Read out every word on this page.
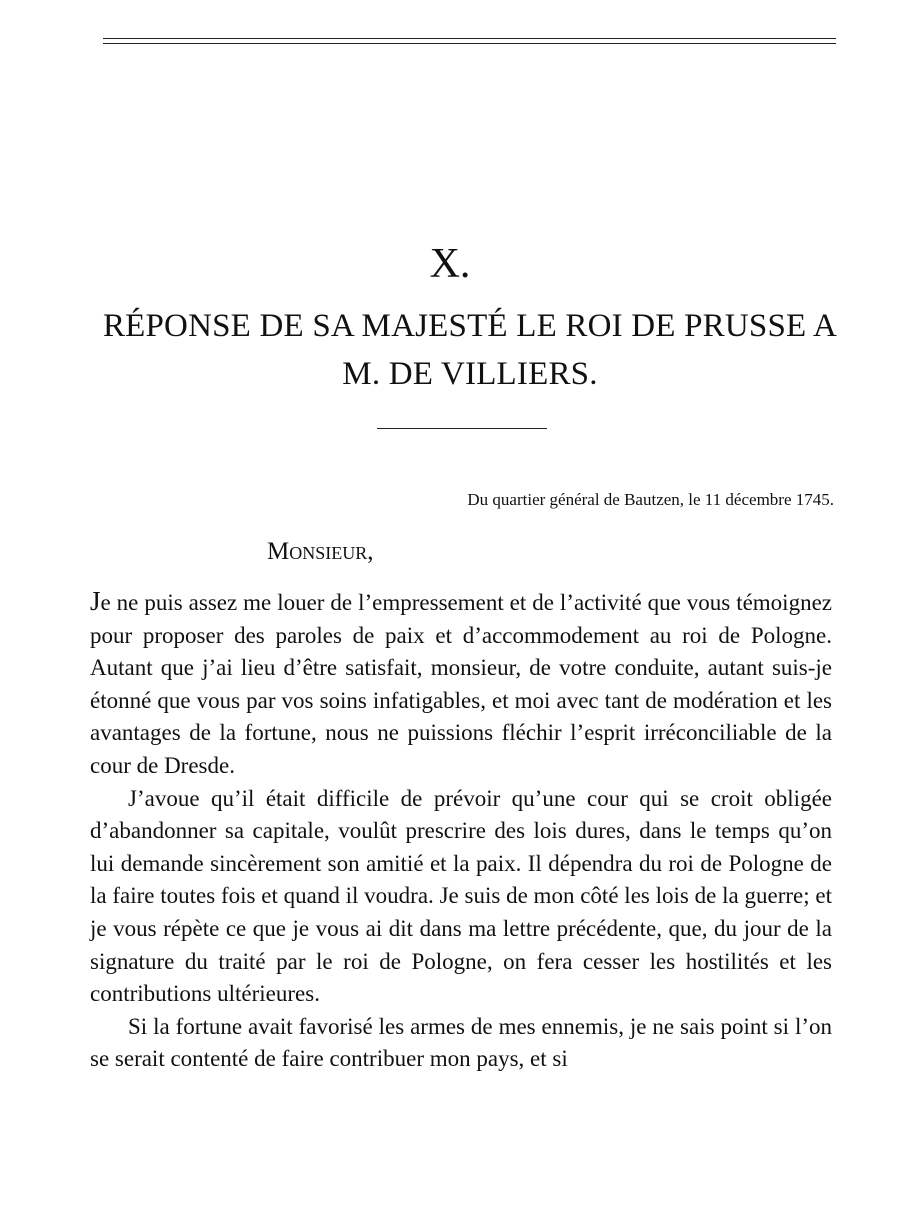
X.
RÉPONSE DE SA MAJESTÉ LE ROI DE PRUSSE A M. DE VILLIERS.
Du quartier général de Bautzen, le 11 décembre 1745.
Monsieur,

Je ne puis assez me louer de l’empressement et de l’activité que vous témoignez pour proposer des paroles de paix et d’accommodement au roi de Pologne. Autant que j’ai lieu d’être satisfait, monsieur, de votre conduite, autant suis-je étonné que vous par vos soins infatigables, et moi avec tant de modération et les avantages de la fortune, nous ne puissions fléchir l’esprit irréconciliable de la cour de Dresde.

J’avoue qu’il était difficile de prévoir qu’une cour qui se croit obligée d’abandonner sa capitale, voulût prescrire des lois dures, dans le temps qu’on lui demande sincèrement son amitié et la paix. Il dépendra du roi de Pologne de la faire toutes fois et quand il voudra. Je suis de mon côté les lois de la guerre; et je vous répète ce que je vous ai dit dans ma lettre précédente, que, du jour de la signature du traité par le roi de Pologne, on fera cesser les hostilités et les contributions ultérieures.

Si la fortune avait favorisé les armes de mes ennemis, je ne sais point si l’on se serait contenté de faire contribuer mon pays, et si
